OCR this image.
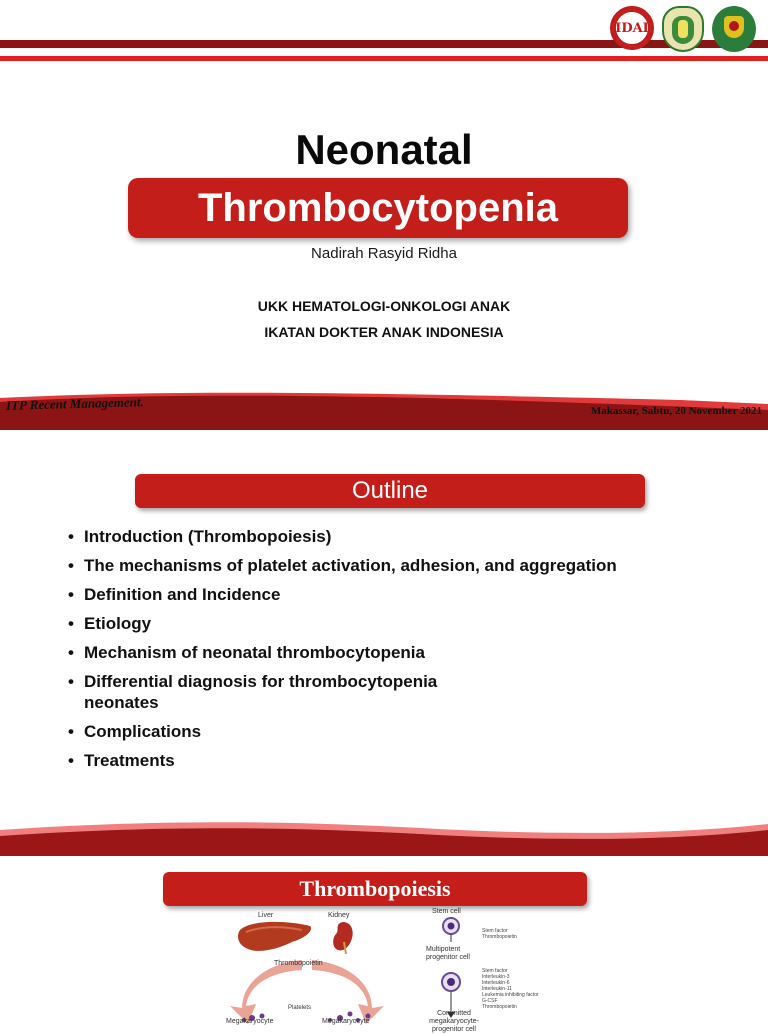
IDAI
Neonatal
Thrombocytopenia
Nadirah Rasyid Ridha
UKK HEMATOLOGI-ONKOLOGI ANAK
IKATAN DOKTER ANAK INDONESIA
ITP Recent Management.	Makassar, Sabtu, 20 November 2021
Outline
• Introduction (Thrombopoiesis)
• The mechanisms of platelet activation, adhesion, and aggregation
• Definition and Incidence
• Etiology
• Mechanism of neonatal thrombocytopenia
• Differential diagnosis for thrombocytopenia neonates
• Complications
• Treatments
Thrombopoiesis
Liver	Kidney
Thrombopoietin
Platelets
Megakaryocyte	Megakaryocyte
Stem cell
Multipotent progenitor cell
Stem factor
Thrombopoietin
Stem factor
Interleukin-3
Interleukin-6
Interleukin-11
Leukemia inhibiting factor
G-CSF
Thrombopoietin
Committed megakaryocyte-progenitor cell
